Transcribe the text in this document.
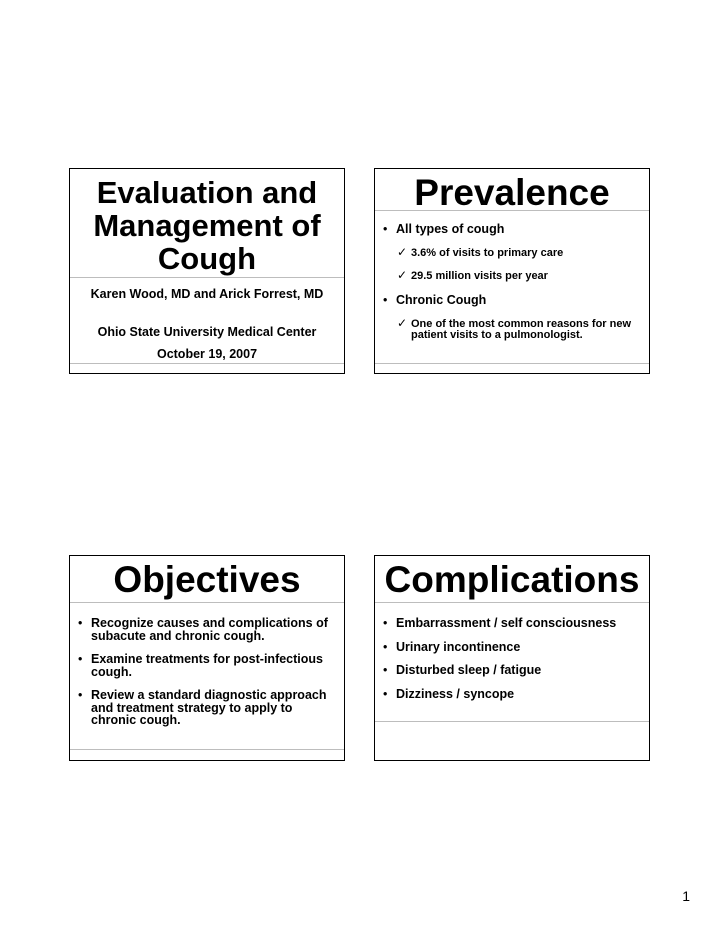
Evaluation and
Management of
Cough
Karen Wood, MD and Arick Forrest, MD
Ohio State University Medical Center
October 19, 2007
Prevalence
• All types of cough
✓ 3.6% of visits to primary care
✓ 29.5 million visits per year
• Chronic Cough
✓ One of the most common reasons for new patient visits to a pulmonologist.
Objectives
• Recognize causes and complications of subacute and chronic cough.
• Examine treatments for post-infectious cough.
• Review a standard diagnostic approach and treatment strategy to apply to chronic cough.
Complications
• Embarrassment / self consciousness
• Urinary incontinence
• Disturbed sleep / fatigue
• Dizziness / syncope
1
